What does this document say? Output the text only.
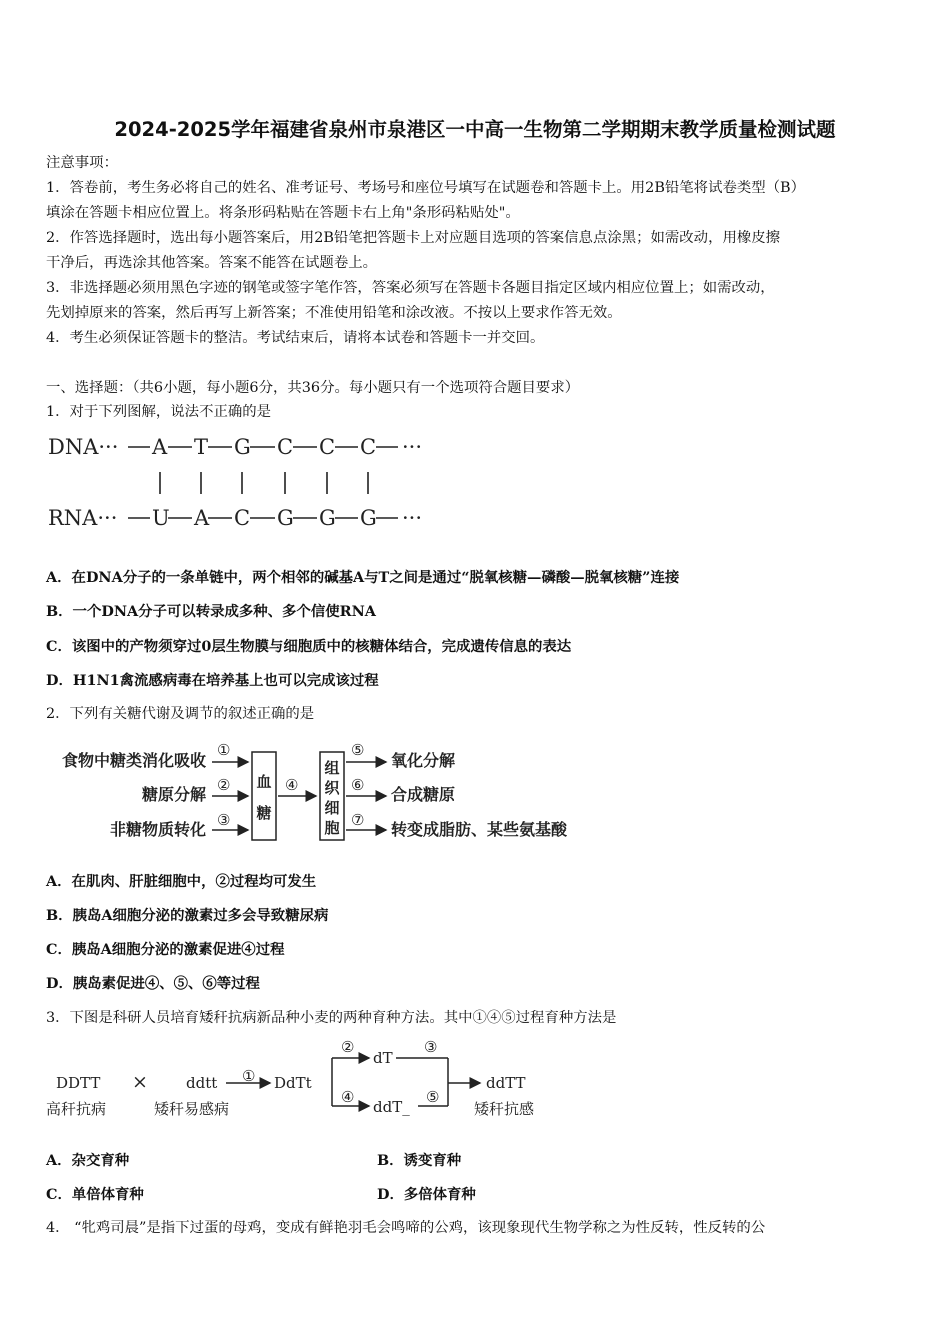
2024-2025学年福建省泉州市泉港区一中高一生物第二学期期末教学质量检测试题
注意事项：
1．答卷前，考生务必将自己的姓名、准考证号、考场号和座位号填写在试题卷和答题卡上。用2B铅笔将试卷类型（B）
填涂在答题卡相应位置上。将条形码粘贴在答题卡右上角"条形码粘贴处"。
2．作答选择题时，选出每小题答案后，用2B铅笔把答题卡上对应题目选项的答案信息点涂黑；如需改动，用橡皮擦
干净后，再选涂其他答案。答案不能答在试题卷上。
3．非选择题必须用黑色字迹的钢笔或签字笔作答，答案必须写在答题卡各题目指定区域内相应位置上；如需改动，
先划掉原来的答案，然后再写上新答案；不准使用铅笔和涂改液。不按以上要求作答无效。
4．考生必须保证答题卡的整洁。考试结束后，请将本试卷和答题卡一并交回。
一、选择题：（共6小题，每小题6分，共36分。每小题只有一个选项符合题目要求）
1．对于下列图解，说法不正确的是
DNA···
RNA···
···
···
A T G C C C
U A C G G G
A．在DNA分子的一条单链中，两个相邻的碱基A与T之间是通过“脱氧核糖—磷酸—脱氧核糖”连接
B．一个DNA分子可以转录成多种、多个信使RNA
C．该图中的产物须穿过0层生物膜与细胞质中的核糖体结合，完成遗传信息的表达
D．H1N1禽流感病毒在培养基上也可以完成该过程
2．下列有关糖代谢及调节的叙述正确的是
食物中糖类消化吸收
糖原分解
非糖物质转化
氧化分解
合成糖原
转变成脂肪、某些氨基酸
①
②
③
④
⑤
⑥
⑦
血
糖
组
织
细
胞
A．在肌肉、肝脏细胞中，②过程均可发生
B．胰岛A细胞分泌的激素过多会导致糖尿病
C．胰岛A细胞分泌的激素促进④过程
D．胰岛素促进④、⑤、⑥等过程
3．下图是科研人员培育矮秆抗病新品种小麦的两种育种方法。其中①④⑤过程育种方法是
DDTT
高秆抗病
×	ddtt
矮秆易感病
① DdTt
②
dT
③
④
ddT_
⑤
ddTT
矮秆抗感
A．杂交育种	B．诱变育种
C．单倍体育种	D．多倍体育种
4． “牝鸡司晨”是指下过蛋的母鸡，变成有鲜艳羽毛会鸣啼的公鸡，该现象现代生物学称之为性反转，性反转的公
